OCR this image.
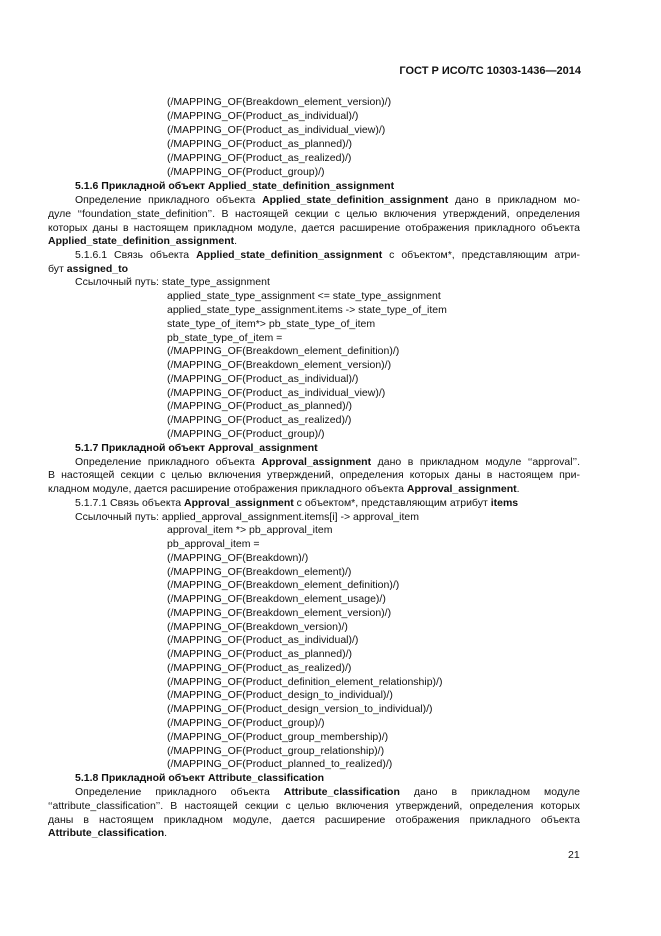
ГОСТ Р ИСО/ТС 10303-1436—2014
(/MAPPING_OF(Breakdown_element_version)/)
(/MAPPING_OF(Product_as_individual)/)
(/MAPPING_OF(Product_as_individual_view)/)
(/MAPPING_OF(Product_as_planned)/)
(/MAPPING_OF(Product_as_realized)/)
(/MAPPING_OF(Product_group)/)
5.1.6 Прикладной объект Applied_state_definition_assignment
Определение прикладного объекта Applied_state_definition_assignment дано в прикладном мо-
дуле ‘‘foundation_state_definition’’. В настоящей секции с целью включения утверждений, определения
которых даны в настоящем прикладном модуле, дается расширение отображения прикладного объекта
Applied_state_definition_assignment.
5.1.6.1 Связь объекта Applied_state_definition_assignment с объектом*, представляющим атри-
бут assigned_to
Ссылочный путь: state_type_assignment
applied_state_type_assignment <= state_type_assignment
applied_state_type_assignment.items -> state_type_of_item
state_type_of_item*> pb_state_type_of_item
pb_state_type_of_item =
(/MAPPING_OF(Breakdown_element_definition)/)
(/MAPPING_OF(Breakdown_element_version)/)
(/MAPPING_OF(Product_as_individual)/)
(/MAPPING_OF(Product_as_individual_view)/)
(/MAPPING_OF(Product_as_planned)/)
(/MAPPING_OF(Product_as_realized)/)
(/MAPPING_OF(Product_group)/)
5.1.7 Прикладной объект Approval_assignment
Определение прикладного объекта Approval_assignment дано в прикладном модуле ‘‘approval’’.
В настоящей секции с целью включения утверждений, определения которых даны в настоящем при-
кладном модуле, дается расширение отображения прикладного объекта Approval_assignment.
5.1.7.1 Связь объекта Approval_assignment с объектом*, представляющим атрибут items
Ссылочный путь: applied_approval_assignment.items[i] -> approval_item
approval_item *> pb_approval_item
pb_approval_item =
(/MAPPING_OF(Breakdown)/)
(/MAPPING_OF(Breakdown_element)/)
(/MAPPING_OF(Breakdown_element_definition)/)
(/MAPPING_OF(Breakdown_element_usage)/)
(/MAPPING_OF(Breakdown_element_version)/)
(/MAPPING_OF(Breakdown_version)/)
(/MAPPING_OF(Product_as_individual)/)
(/MAPPING_OF(Product_as_planned)/)
(/MAPPING_OF(Product_as_realized)/)
(/MAPPING_OF(Product_definition_element_relationship)/)
(/MAPPING_OF(Product_design_to_individual)/)
(/MAPPING_OF(Product_design_version_to_individual)/)
(/MAPPING_OF(Product_group)/)
(/MAPPING_OF(Product_group_membership)/)
(/MAPPING_OF(Product_group_relationship)/)
(/MAPPING_OF(Product_planned_to_realized)/)
5.1.8 Прикладной объект Attribute_classification
Определение прикладного объекта Attribute_classification дано в прикладном модуле
‘‘attribute_classification’’. В настоящей секции с целью включения утверждений, определения которых
даны в настоящем прикладном модуле, дается расширение отображения прикладного объекта
Attribute_classification.
21
